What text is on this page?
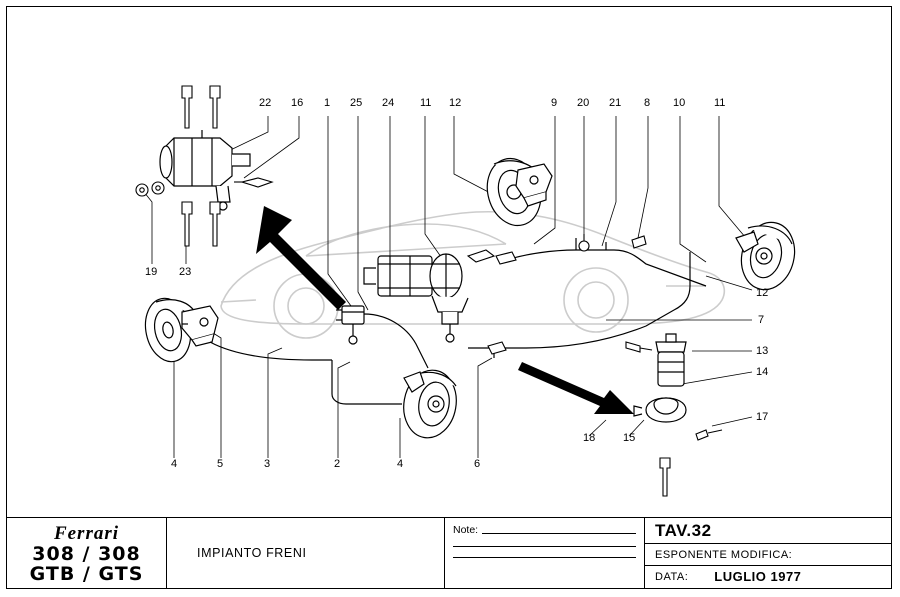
22 16 1 25 24 11 12	9 20 21 8 10	11
19 23
12
7
13
14
17
18	15
4	5	3	2	4	6
Ferrari
308 / 308
GTB / GTS
IMPIANTO FRENI
Note:	TAV.32
ESPONENTE MODIFICA:
DATA: LUGLIO 1977
